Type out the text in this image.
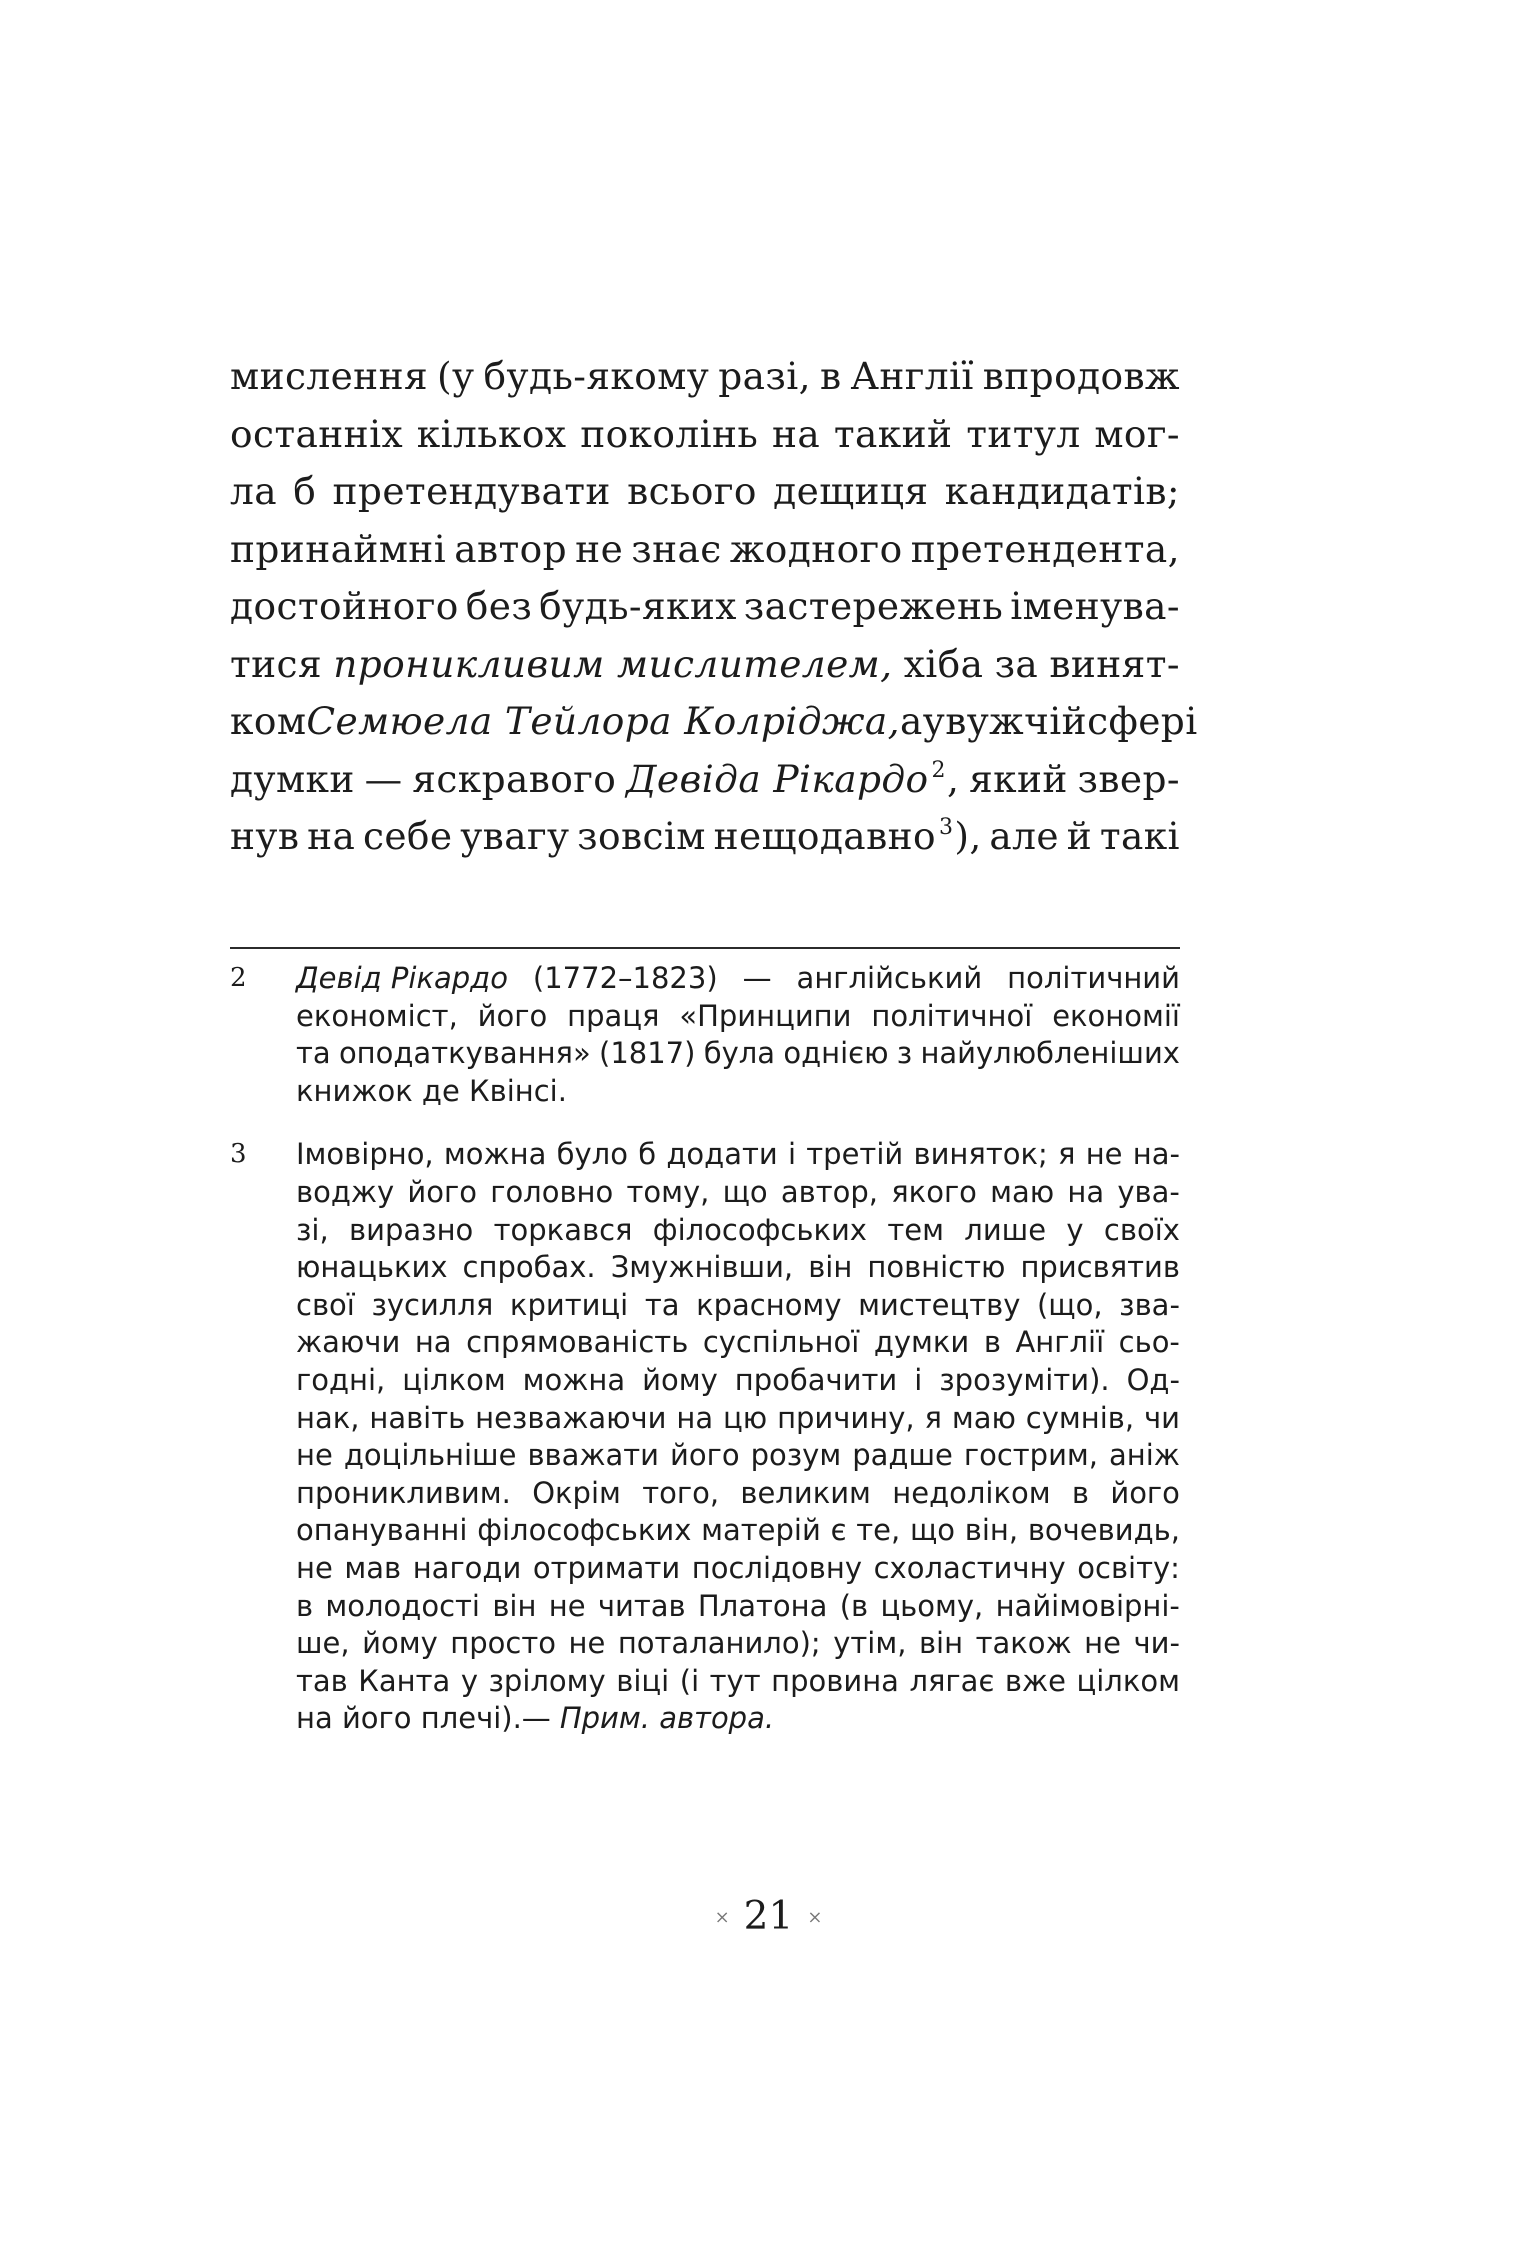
мислення (у будь-якому разі, в Англії впродовж
останніх кількох поколінь на такий титул мог-
ла б претендувати всього дещиця кандидатів;
принаймні автор не знає жодного претендента,
достойного без будь-яких застережень іменува-
тися проникливим мислителем, хіба за винят-
ком Семюела Тейлора Колріджа, а у вужчій сфері
думки — яскравого Девіда Рікардо $^2$, який звер-
нув на себе увагу зовсім нещодавно $^3$), але й такі
2 Девід Рікардо (1772–1823) — англійський політичний
економіст, його праця «Принципи політичної економії
та оподаткування» (1817) була однією з найулюбленіших
книжок де Квінсі.
3 Імовірно, можна було б додати і третій виняток; я не на-
воджу його головно тому, що автор, якого маю на ува-
зі, виразно торкався філософських тем лише у своїх
юнацьких спробах. Змужнівши, він повністю присвятив
свої зусилля критиці та красному мистецтву (що, зва-
жаючи на спрямованість суспільної думки в Англії сьо-
годні, цілком можна йому пробачити і зрозуміти). Од-
нак, навіть незважаючи на цю причину, я маю сумнів, чи
не доцільніше вважати його розум радше гострим, аніж
проникливим. Окрім того, великим недоліком в його
опануванні філософських матерій є те, що він, вочевидь,
не мав нагоди отримати послідовну схоластичну освіту:
в молодості він не читав Платона (в цьому, найімовірні-
ше, йому просто не поталанило); утім, він також не чи-
тав Канта у зрілому віці (і тут провина лягає вже цілком
на його плечі).— Прим. автора.
× 21 ×
